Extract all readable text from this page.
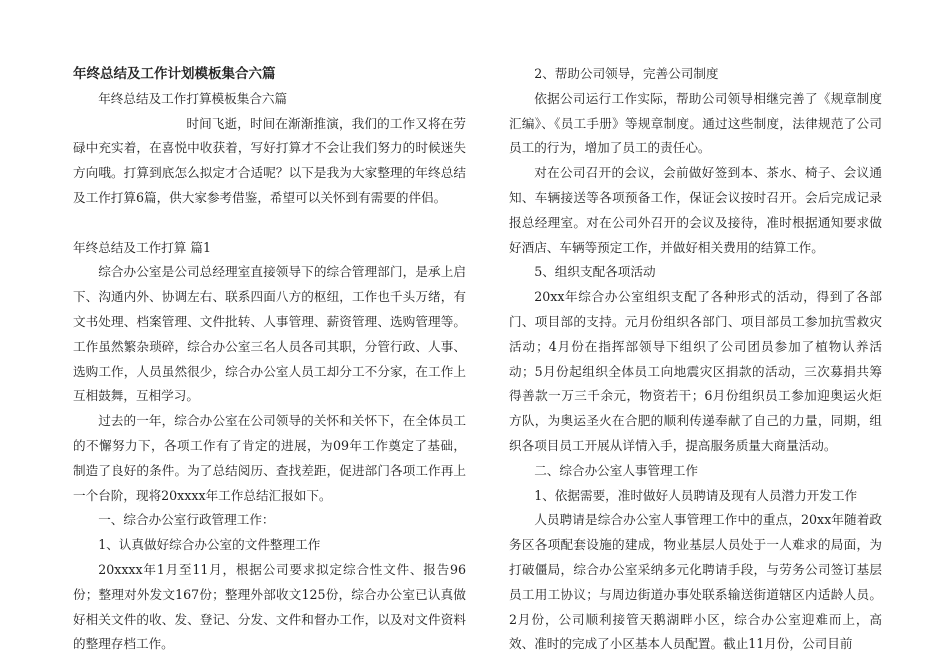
年终总结及工作计划模板集合六篇

年终总结及工作打算模板集合六篇

时间飞逝，时间在渐渐推演，我们的工作又将在劳碌中充实着，在喜悦中收获着，写好打算才不会让我们努力的时候迷失方向哦。打算到底怎么拟定才合适呢？以下是我为大家整理的年终总结及工作打算6篇，供大家参考借鉴，希望可以关怀到有需要的伴侣。

年终总结及工作打算 篇1

综合办公室是公司总经理室直接领导下的综合管理部门，是承上启下、沟通内外、协调左右、联系四面八方的枢纽，工作也千头万绪，有文书处理、档案管理、文件批转、人事管理、薪资管理、选购管理等。工作虽然繁杂琐碎，综合办公室三名人员各司其职，分管行政、人事、选购工作，人员虽然很少，综合办公室人员工却分工不分家，在工作上互相鼓舞，互相学习。

过去的一年，综合办公室在公司领导的关怀和关怀下，在全体员工的不懈努力下，各项工作有了肯定的进展，为09年工作奠定了基础，制造了良好的条件。为了总结阅历、查找差距，促进部门各项工作再上一个台阶，现将20xxxx年工作总结汇报如下。

一、综合办公室行政管理工作：

1、认真做好综合办公室的文件整理工作

20xxxx年1月至11月，根据公司要求拟定综合性文件、报告96份；整理对外发文167份；整理外部收文125份，综合办公室已认真做好相关文件的收、发、登记、分发、文件和督办工作，以及对文件资料的整理存档工作。

2、帮助公司领导，完善公司制度

依据公司运行工作实际，帮助公司领导相继完善了《规章制度汇编》、《员工手册》等规章制度。通过这些制度，法律规范了公司员工的行为，增加了员工的责任心。

对在公司召开的会议，会前做好签到本、茶水、椅子、会议通知、车辆接送等各项预备工作，保证会议按时召开。会后完成记录报总经理室。对在公司外召开的会议及接待，准时根据通知要求做好酒店、车辆等预定工作，并做好相关费用的结算工作。

5、组织支配各项活动

20xx年综合办公室组织支配了各种形式的活动，得到了各部门、项目部的支持。元月份组织各部门、项目部员工参加抗雪救灾活动；4月份在指挥部领导下组织了公司团员参加了植物认养活动；5月份起组织全体员工向地震灾区捐款的活动，三次募捐共筹得善款一万三千余元，物资若干；6月份组织员工参加迎奥运火炬方队，为奥运圣火在合肥的顺利传递奉献了自己的力量，同期，组织各项目员工开展从详情入手，提高服务质量大商量活动。

二、综合办公室人事管理工作

1、依据需要，准时做好人员聘请及现有人员潜力开发工作

人员聘请是综合办公室人事管理工作中的重点，20xx年随着政务区各项配套设施的建成，物业基层人员处于一人难求的局面，为打破僵局，综合办公室采纳多元化聘请手段，与劳务公司签订基层员工用工协议；与周边街道办事处联系输送街道辖区内适龄人员。2月份，公司顺利接管天鹅湖畔小区，综合办公室迎难而上，高效、准时的完成了小区基本人员配置。截止11月份，公司目前
